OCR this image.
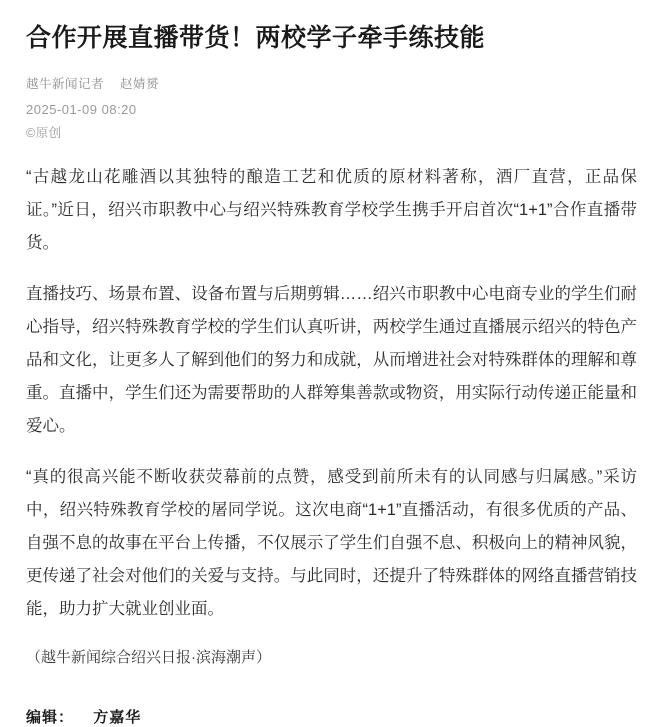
合作开展直播带货！两校学子牵手练技能
越牛新闻记者 赵婧赟
2025-01-09 08:20
©原创

“古越龙山花雕酒以其独特的酿造工艺和优质的原材料著称，酒厂直营，正品保证。”近日，绍兴市职教中心与绍兴特殊教育学校学生携手开启首次“1+1”合作直播带货。

直播技巧、场景布置、设备布置与后期剪辑……绍兴市职教中心电商专业的学生们耐心指导，绍兴特殊教育学校的学生们认真听讲，两校学生通过直播展示绍兴的特色产品和文化，让更多人了解到他们的努力和成就，从而增进社会对特殊群体的理解和尊重。直播中，学生们还为需要帮助的人群筹集善款或物资，用实际行动传递正能量和爱心。

“真的很高兴能不断收获荧幕前的点赞，感受到前所未有的认同感与归属感。”采访中，绍兴特殊教育学校的屠同学说。这次电商“1+1”直播活动，有很多优质的产品、自强不息的故事在平台上传播，不仅展示了学生们自强不息、积极向上的精神风貌，更传递了社会对他们的关爱与支持。与此同时，还提升了特殊群体的网络直播营销技能，助力扩大就业创业面。

（越牛新闻综合绍兴日报·滨海潮声）
编辑： 方嘉华
